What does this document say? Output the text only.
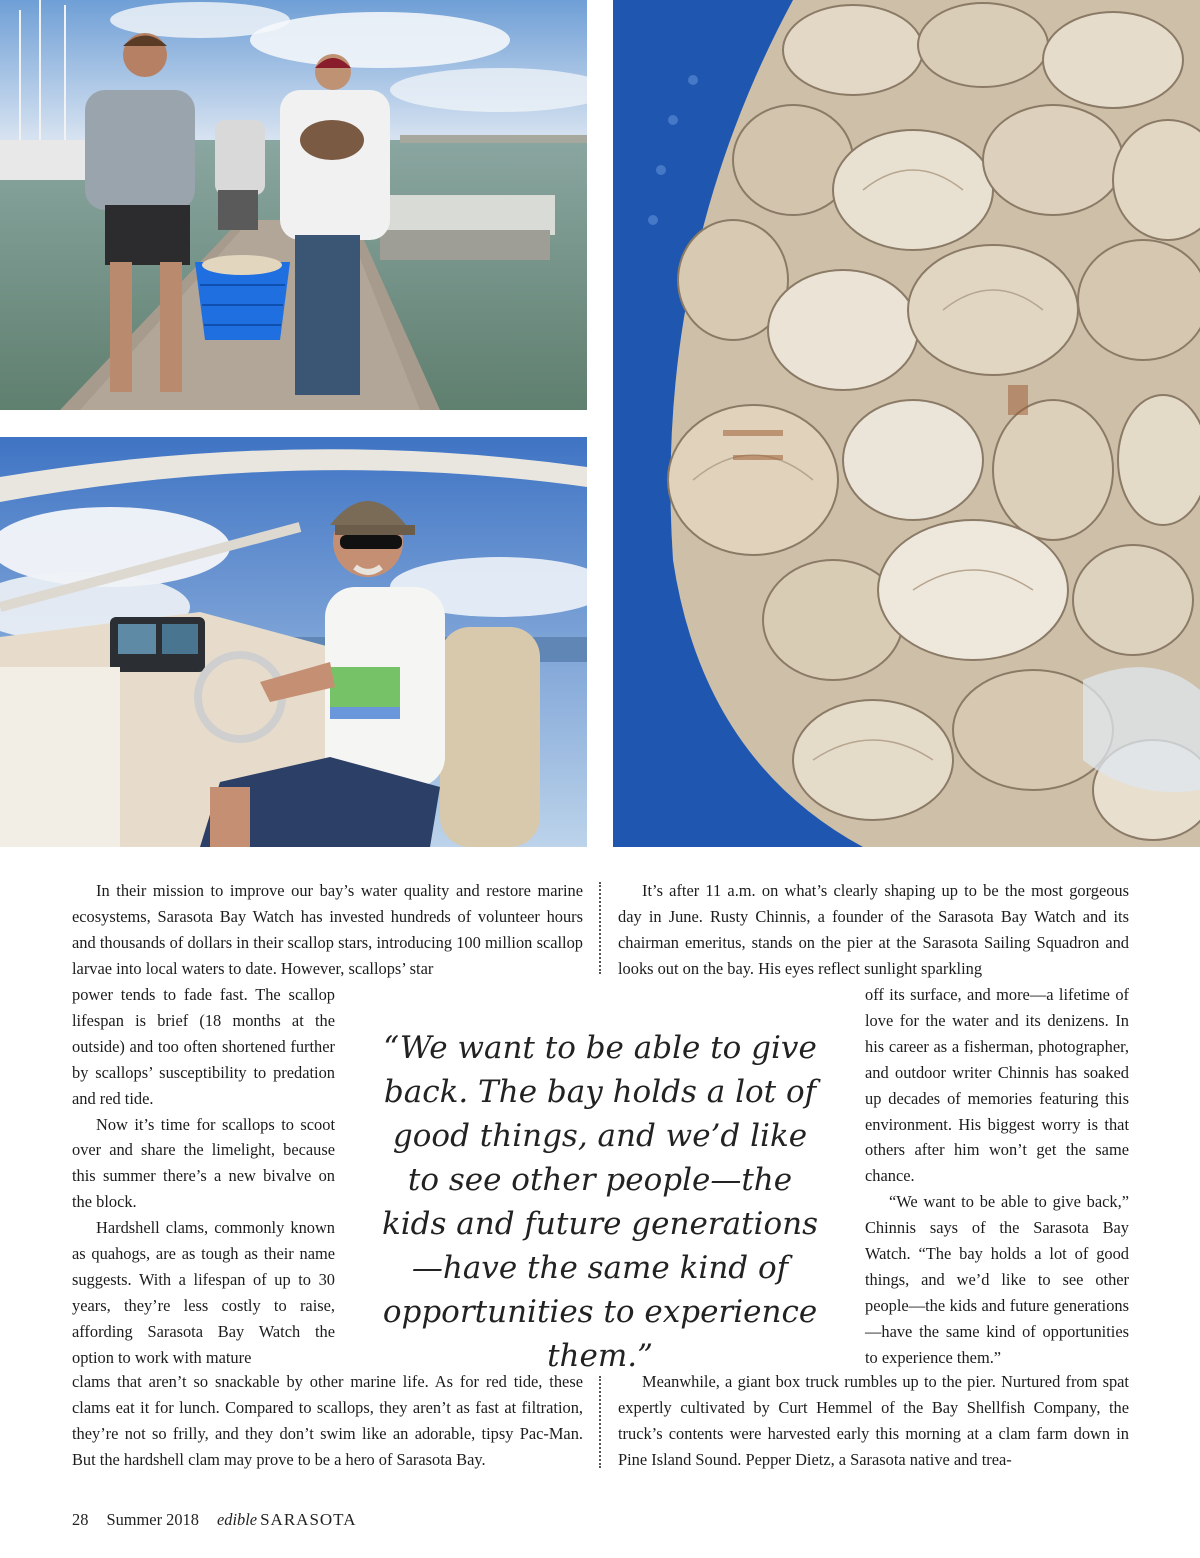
In their mission to improve our bay’s water quality and restore marine ecosystems, Sarasota Bay Watch has invested hundreds of volunteer hours and thousands of dollars in their scallop stars, introducing 100 million scallop larvae into local waters to date. However, scallops’ star

power tends to fade fast. The scallop lifespan is brief (18 months at the outside) and too often shortened further by scallops’ susceptibility to predation and red tide.

Now it’s time for scallops to scoot over and share the limelight, because this summer there’s a new bivalve on the block.

Hardshell clams, commonly known as quahogs, are as tough as their name suggests. With a lifespan of up to 30 years, they’re less costly to raise, affording Sarasota Bay Watch the option to work with mature

clams that aren’t so snackable by other marine life. As for red tide, these clams eat it for lunch. Compared to scallops, they aren’t as fast at filtration, they’re not so frilly, and they don’t swim like an adorable, tipsy Pac-Man. But the hardshell clam may prove to be a hero of Sarasota Bay.

It’s after 11 a.m. on what’s clearly shaping up to be the most gorgeous day in June. Rusty Chinnis, a founder of the Sarasota Bay Watch and its chairman emeritus, stands on the pier at the Sarasota Sailing Squadron and looks out on the bay. His eyes reflect sunlight sparkling

off its surface, and more—a lifetime of love for the water and its denizens. In his career as a fisherman, photographer, and outdoor writer Chinnis has soaked up decades of memories featuring this environment. His biggest worry is that others after him won’t get the same chance.

“We want to be able to give back,” Chinnis says of the Sarasota Bay Watch. “The bay holds a lot of good things, and we’d like to see other people—the kids and future generations—have the same kind of opportunities to experience them.”

Meanwhile, a giant box truck rumbles up to the pier. Nurtured from spat expertly cultivated by Curt Hemmel of the Bay Shellfish Company, the truck’s contents were harvested early this morning at a clam farm down in Pine Island Sound. Pepper Dietz, a Sarasota native and trea-

“We want to be able to give back. The bay holds a lot of good things, and we’d like to see other people—the kids and future generations—have the same kind of opportunities to experience them.”
28 Summer 2018 edible SARASOTA
